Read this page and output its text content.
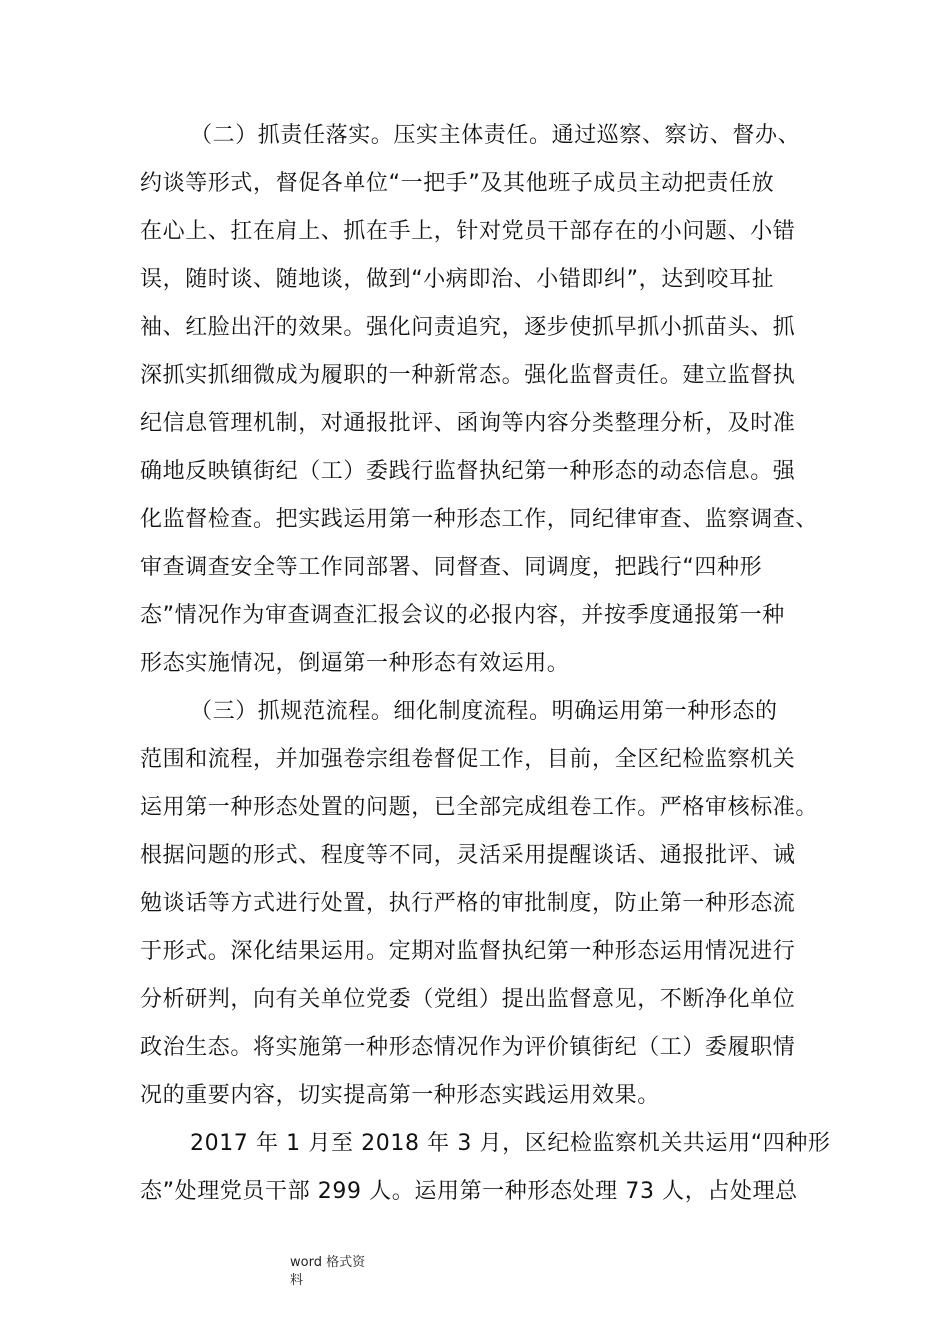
（二）抓责任落实。压实主体责任。通过巡察、察访、督办、
约谈等形式，督促各单位“一把手”及其他班子成员主动把责任放
在心上、扛在肩上、抓在手上，针对党员干部存在的小问题、小错
误，随时谈、随地谈，做到“小病即治、小错即纠”，达到咬耳扯
袖、红脸出汗的效果。强化问责追究，逐步使抓早抓小抓苗头、抓
深抓实抓细微成为履职的一种新常态。强化监督责任。建立监督执
纪信息管理机制，对通报批评、函询等内容分类整理分析，及时准
确地反映镇街纪（工）委践行监督执纪第一种形态的动态信息。强
化监督检查。把实践运用第一种形态工作，同纪律审查、监察调查、
审查调查安全等工作同部署、同督查、同调度，把践行“四种形
态”情况作为审查调查汇报会议的必报内容，并按季度通报第一种
形态实施情况，倒逼第一种形态有效运用。
（三）抓规范流程。细化制度流程。明确运用第一种形态的
范围和流程，并加强卷宗组卷督促工作，目前，全区纪检监察机关
运用第一种形态处置的问题，已全部完成组卷工作。严格审核标准。
根据问题的形式、程度等不同，灵活采用提醒谈话、通报批评、诫
勉谈话等方式进行处置，执行严格的审批制度，防止第一种形态流
于形式。深化结果运用。定期对监督执纪第一种形态运用情况进行
分析研判，向有关单位党委（党组）提出监督意见，不断净化单位
政治生态。将实施第一种形态情况作为评价镇街纪（工）委履职情
况的重要内容，切实提高第一种形态实践运用效果。
2017 年 1 月至 2018 年 3 月，区纪检监察机关共运用“四种形
态”处理党员干部 299 人。运用第一种形态处理 73 人，占处理总
word 格式资
料
